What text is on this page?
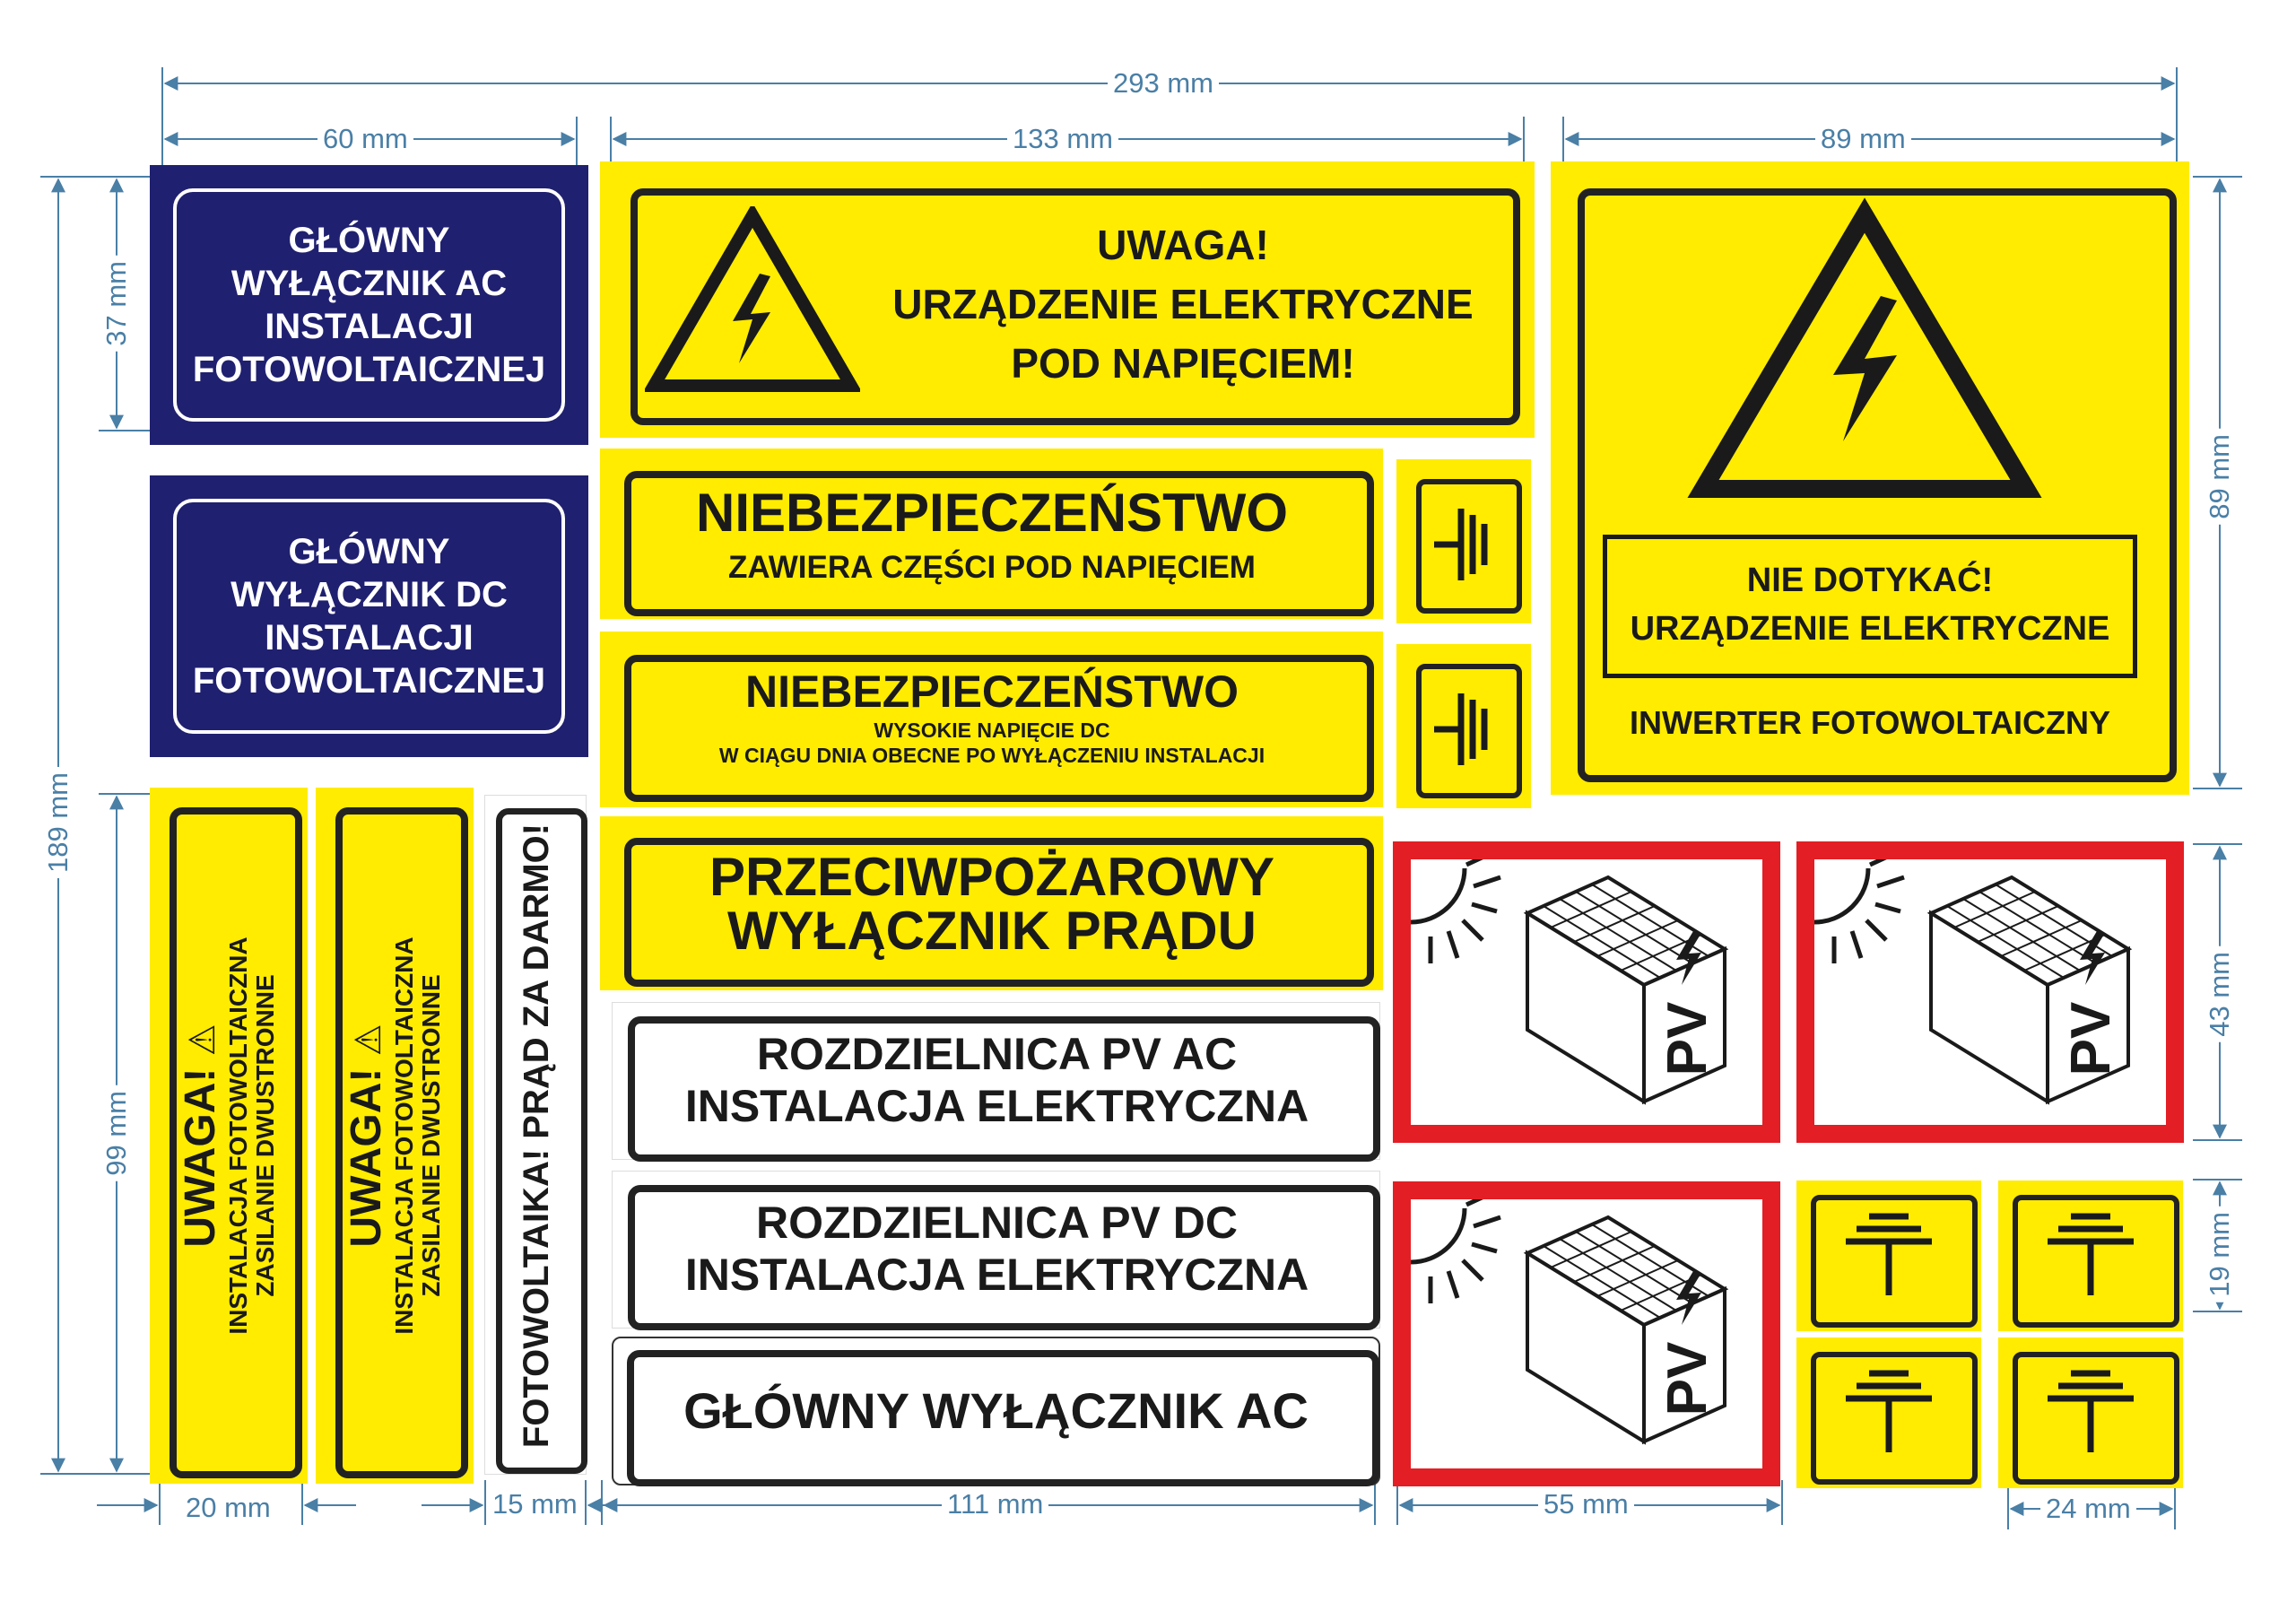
293 mm
60 mm	133 mm	89 mm
189 mm
37 mm
99 mm
89 mm
43 mm
19 mm
20 mm	15 mm	111 mm	55 mm	24 mm
GŁÓWNY
WYŁĄCZNIK AC
INSTALACJI
FOTOWOLTAICZNEJ
GŁÓWNY
WYŁĄCZNIK DC
INSTALACJI
FOTOWOLTAICZNEJ
UWAGA!
URZĄDZENIE ELEKTRYCZNE
POD NAPIĘCIEM!
NIEBEZPIECZEŃSTWO
ZAWIERA CZĘŚCI POD NAPIĘCIEM
NIEBEZPIECZEŃSTWO
WYSOKIE NAPIĘCIE DC
W CIĄGU DNIA OBECNE PO WYŁĄCZENIU INSTALACJI
PRZECIWPOŻAROWY
WYŁĄCZNIK PRĄDU
NIE DOTYKAĆ!
URZĄDZENIE ELEKTRYCZNE
INWERTER FOTOWOLTAICZNY
UWAGA! ⚠ INSTALACJA FOTOWOLTAICZNA ZASILANIE DWUSTRONNE UWAGA! ⚠ INSTALACJA FOTOWOLTAICZNA ZASILANIE DWUSTRONNE FOTOWOLTAIKA! PRĄD ZA DARMO!	ROZDZIELNICA PV AC
INSTALACJA ELEKTRYCZNA
ROZDZIELNICA PV DC
INSTALACJA ELEKTRYCZNA
GŁÓWNY WYŁĄCZNIK AC
PV	PV
PV
